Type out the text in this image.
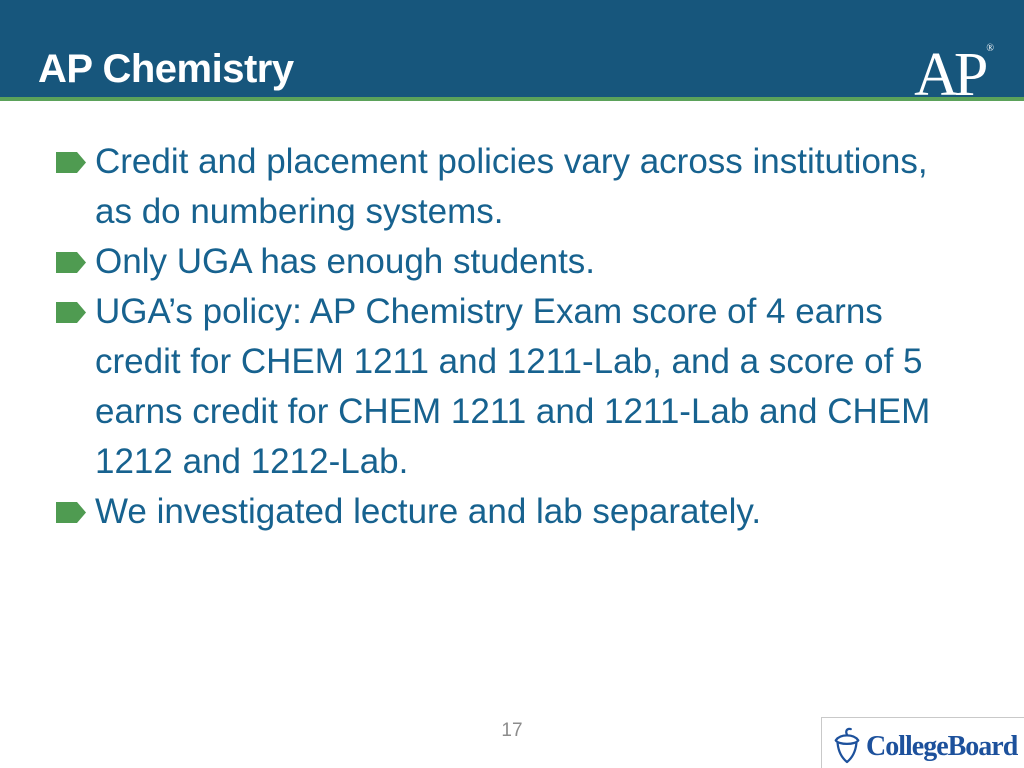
AP Chemistry	AP ®
Credit and placement policies vary across institutions,
as do numbering systems.
Only UGA has enough students.
UGA’s policy: AP Chemistry Exam score of 4 earns
credit for CHEM 1211 and 1211-Lab, and a score of 5
earns credit for CHEM 1211 and 1211-Lab and CHEM
1212 and 1212-Lab.
We investigated lecture and lab separately.
17
CollegeBoard
